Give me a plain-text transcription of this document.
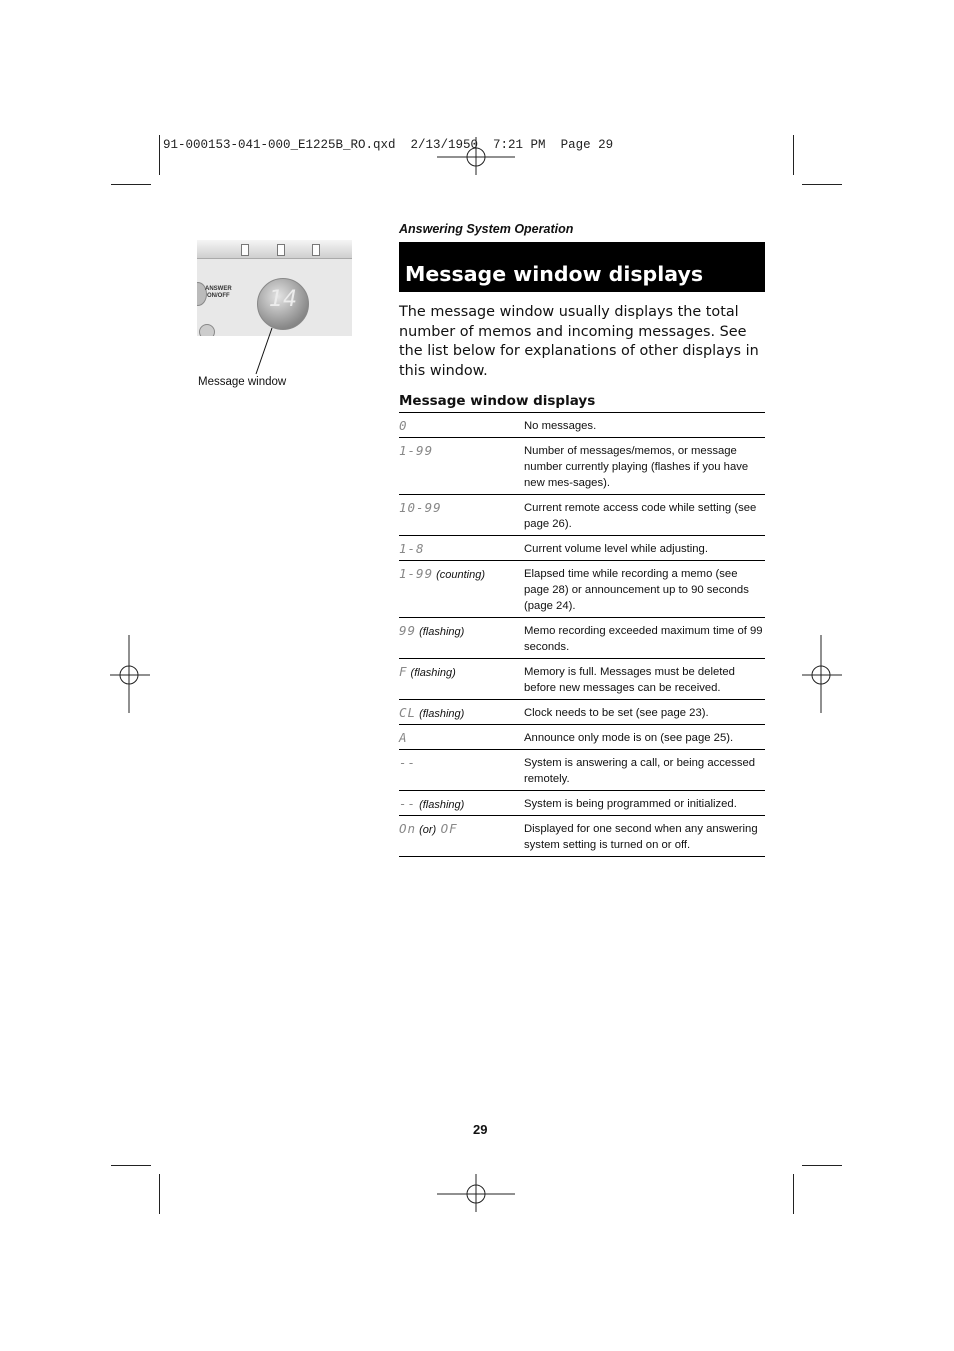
91-000153-041-000_E1225B_RO.qxd  2/13/1950  7:21 PM  Page 29
Answering System Operation
Message window displays
The message window usually displays the total number of memos and incoming messages. See the list below for explanations of other displays in this window.
ANSWER
ON/OFF 14
Message window
Message window displays
0	No messages.
1-99	Number of messages/memos, or message number currently playing (flashes if you have new mes-sages).
10-99	Current remote access code while setting (see page 26).
1-8	Current volume level while adjusting.
1-99 (counting)	Elapsed time while recording a memo (see page 28) or announcement up to 90 seconds (page 24).
99 (flashing)	Memo recording exceeded maximum time of 99 seconds.
F (flashing)	Memory is full. Messages must be deleted before new messages can be received.
CL (flashing)	Clock needs to be set (see page 23).
A	Announce only mode is on (see page 25).
--	System is answering a call, or being accessed remotely.
-- (flashing)	System is being programmed or initialized.
On (or) OF	Displayed for one second when any answering system setting is turned on or off.
29
